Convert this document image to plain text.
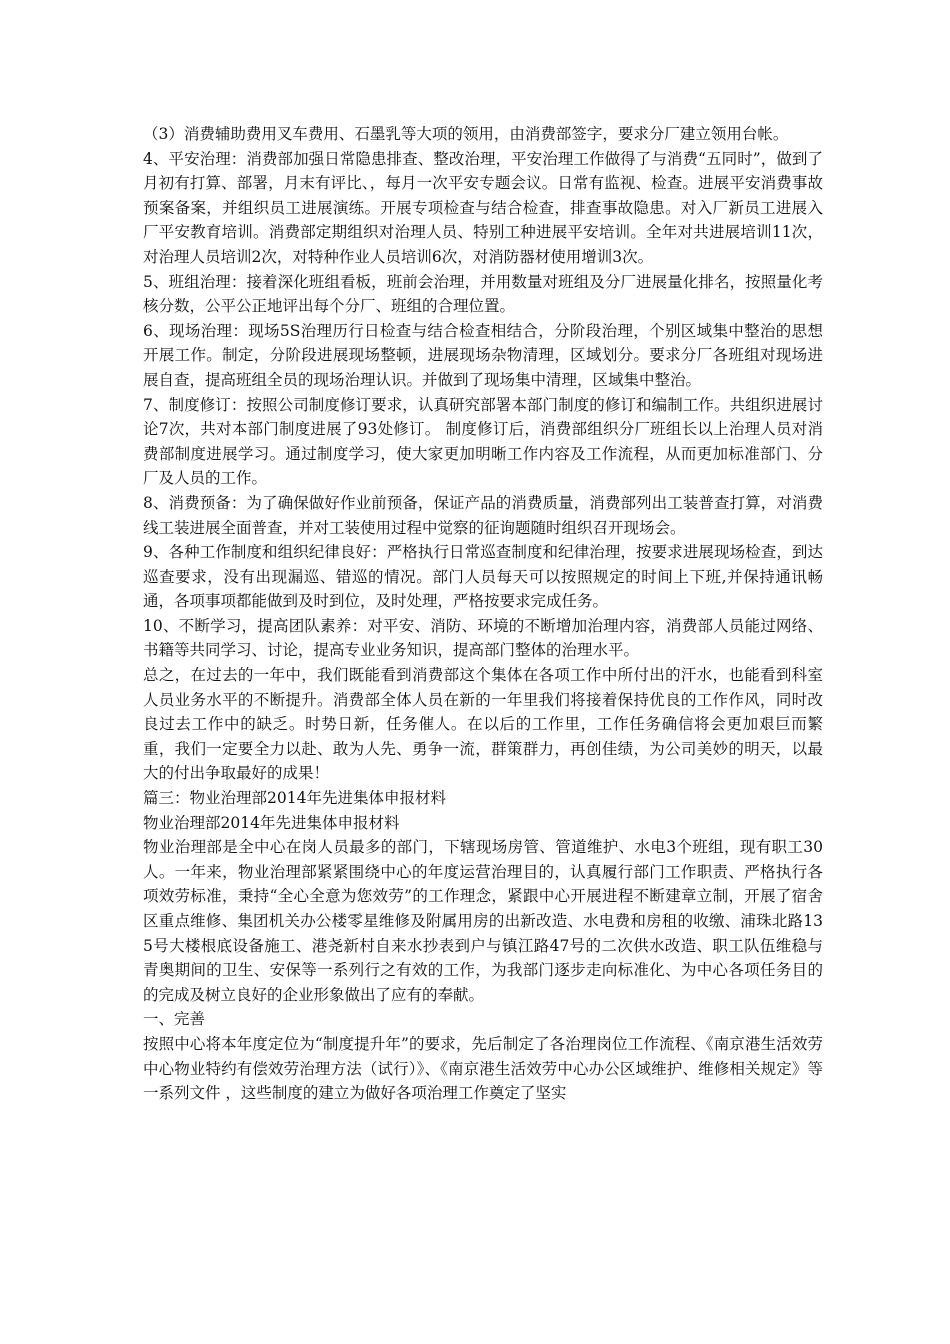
（3）消费辅助费用叉车费用、石墨乳等大项的领用，由消费部签字，要求分厂建立领用台帐。

4、平安治理：消费部加强日常隐患排查、整改治理，平安治理工作做得了与消费“五同时”，做到了月初有打算、部署，月末有评比、，每月一次平安专题会议。日常有监视、检查。进展平安消费事故预案备案，并组织员工进展演练。开展专项检查与结合检查，排查事故隐患。对入厂新员工进展入厂平安教育培训。消费部定期组织对治理人员、特别工种进展平安培训。全年对共进展培训11次，对治理人员培训2次，对特种作业人员培训6次，对消防器材使用增训3次。

5、班组治理：接着深化班组看板，班前会治理，并用数量对班组及分厂进展量化排名，按照量化考核分数，公平公正地评出每个分厂、班组的合理位置。

6、现场治理：现场5S治理历行日检查与结合检查相结合，分阶段治理，个别区域集中整治的思想开展工作。制定，分阶段进展现场整顿，进展现场杂物清理，区域划分。要求分厂各班组对现场进展自查，提高班组全员的现场治理认识。并做到了现场集中清理，区域集中整治。

7、制度修订：按照公司制度修订要求，认真研究部署本部门制度的修订和编制工作。共组织进展讨论7次，共对本部门制度进展了93处修订。 制度修订后，消费部组织分厂班组长以上治理人员对消费部制度进展学习。通过制度学习，使大家更加明晰工作内容及工作流程，从而更加标准部门、分厂及人员的工作。

8、消费预备：为了确保做好作业前预备，保证产品的消费质量，消费部列出工装普查打算，对消费线工装进展全面普查，并对工装使用过程中觉察的征询题随时组织召开现场会。

9、各种工作制度和组织纪律良好：严格执行日常巡查制度和纪律治理，按要求进展现场检查，到达巡查要求，没有出现漏巡、错巡的情况。部门人员每天可以按照规定的时间上下班,并保持通讯畅通，各项事项都能做到及时到位，及时处理，严格按要求完成任务。

10、不断学习，提高团队素养：对平安、消防、环境的不断增加治理内容，消费部人员能过网络、书籍等共同学习、讨论，提高专业业务知识，提高部门整体的治理水平。

总之，在过去的一年中，我们既能看到消费部这个集体在各项工作中所付出的汗水，也能看到科室人员业务水平的不断提升。消费部全体人员在新的一年里我们将接着保持优良的工作作风，同时改良过去工作中的缺乏。时势日新，任务催人。在以后的工作里，工作任务确信将会更加艰巨而繁重，我们一定要全力以赴、敢为人先、勇争一流，群策群力，再创佳绩，为公司美妙的明天，以最大的付出争取最好的成果！

篇三：物业治理部2014年先进集体申报材料

物业治理部2014年先进集体申报材料

物业治理部是全中心在岗人员最多的部门，下辖现场房管、管道维护、水电3个班组，现有职工30人。一年来，物业治理部紧紧围绕中心的年度运营治理目的，认真履行部门工作职责、严格执行各项效劳标准，秉持“全心全意为您效劳”的工作理念，紧跟中心开展进程不断建章立制，开展了宿舍区重点维修、集团机关办公楼零星维修及附属用房的出新改造、水电费和房租的收缴、浦珠北路135号大楼根底设备施工、港尧新村自来水抄表到户与镇江路47号的二次供水改造、职工队伍维稳与青奥期间的卫生、安保等一系列行之有效的工作，为我部门逐步走向标准化、为中心各项任务目的的完成及树立良好的企业形象做出了应有的奉献。

一、完善

按照中心将本年度定位为“制度提升年”的要求，先后制定了各治理岗位工作流程、《南京港生活效劳中心物业特约有偿效劳治理方法（试行）》、《南京港生活效劳中心办公区域维护、维修相关规定》等一系列文件 ，这些制度的建立为做好各项治理工作奠定了坚实
